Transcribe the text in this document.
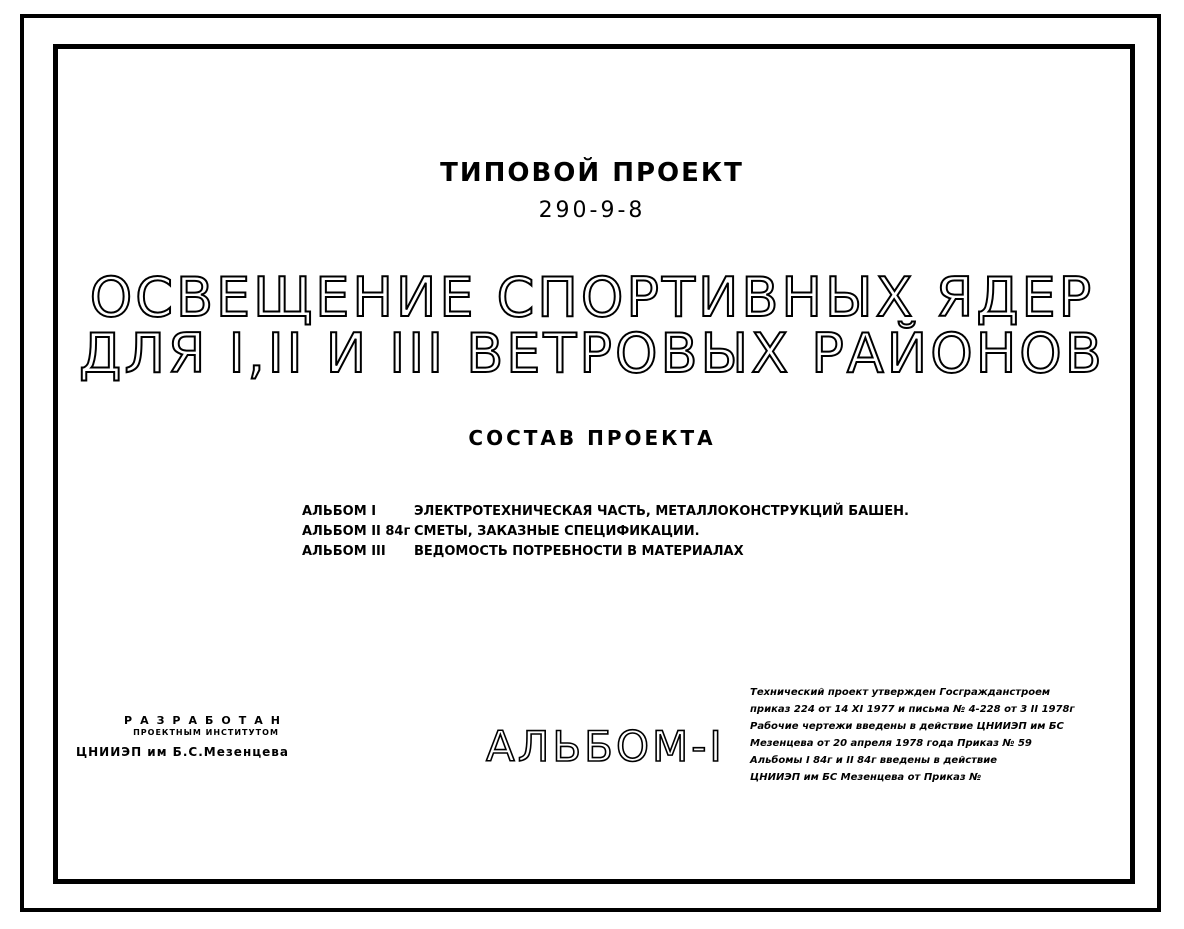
ТИПОВОЙ ПРОЕКТ
290-9-8
ОСВЕЩЕНИЕ СПОРТИВНЫХ ЯДЕР
ДЛЯ I,II И III ВЕТРОВЫХ РАЙОНОВ
СОСТАВ ПРОЕКТА
АЛЬБОМ I	ЭЛЕКТРОТЕХНИЧЕСКАЯ ЧАСТЬ, МЕТАЛЛОКОНСТРУКЦИЙ БАШЕН.
АЛЬБОМ II 84г СМЕТЫ, ЗАКАЗНЫЕ СПЕЦИФИКАЦИИ.
АЛЬБОМ III ВЕДОМОСТЬ ПОТРЕБНОСТИ В МАТЕРИАЛАХ
РАЗРАБОТАН
ПРОЕКТНЫМ ИНСТИТУТОМ
ЦНИИЭП им Б.С.Мезенцева	АЛЬБОМ-I
Технический проект утвержден Госгражданстроем
приказ 224 от 14 XI 1977 и письма № 4-228 от 3 II 1978г
Рабочие чертежи введены в действие ЦНИИЭП им БС
Мезенцева от 20 апреля 1978 года Приказ № 59
Альбомы I 84г и II 84г введены в действие
ЦНИИЭП им БС Мезенцева от Приказ №
